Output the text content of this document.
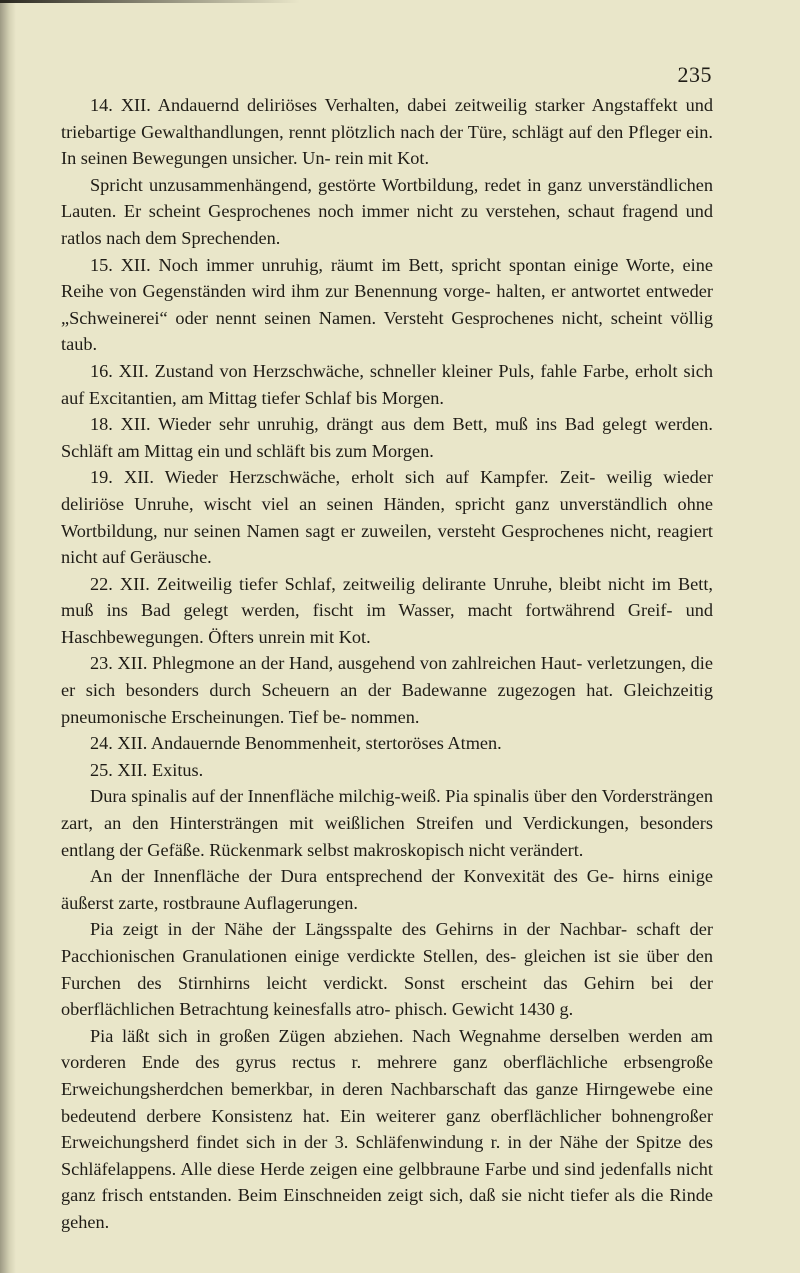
235

14. XII. Andauernd deliriöses Verhalten, dabei zeitweilig starker Angstaffekt und triebartige Gewalthandlungen, rennt plötzlich nach der Türe, schlägt auf den Pfleger ein. In seinen Bewegungen unsicher. Un- rein mit Kot.

Spricht unzusammenhängend, gestörte Wortbildung, redet in ganz unverständlichen Lauten. Er scheint Gesprochenes noch immer nicht zu verstehen, schaut fragend und ratlos nach dem Sprechenden.

15. XII. Noch immer unruhig, räumt im Bett, spricht spontan einige Worte, eine Reihe von Gegenständen wird ihm zur Benennung vorge- halten, er antwortet entweder „Schweinerei“ oder nennt seinen Namen. Versteht Gesprochenes nicht, scheint völlig taub.

16. XII. Zustand von Herzschwäche, schneller kleiner Puls, fahle Farbe, erholt sich auf Excitantien, am Mittag tiefer Schlaf bis Morgen.

18. XII. Wieder sehr unruhig, drängt aus dem Bett, muß ins Bad gelegt werden. Schläft am Mittag ein und schläft bis zum Morgen.

19. XII. Wieder Herzschwäche, erholt sich auf Kampfer. Zeit- weilig wieder deliriöse Unruhe, wischt viel an seinen Händen, spricht ganz unverständlich ohne Wortbildung, nur seinen Namen sagt er zuweilen, versteht Gesprochenes nicht, reagiert nicht auf Geräusche.

22. XII. Zeitweilig tiefer Schlaf, zeitweilig delirante Unruhe, bleibt nicht im Bett, muß ins Bad gelegt werden, fischt im Wasser, macht fortwährend Greif- und Haschbewegungen. Öfters unrein mit Kot.

23. XII. Phlegmone an der Hand, ausgehend von zahlreichen Haut- verletzungen, die er sich besonders durch Scheuern an der Badewanne zugezogen hat. Gleichzeitig pneumonische Erscheinungen. Tief be- nommen.

24. XII. Andauernde Benommenheit, stertoröses Atmen.

25. XII. Exitus.

Dura spinalis auf der Innenfläche milchig-weiß. Pia spinalis über den Vordersträngen zart, an den Hintersträngen mit weißlichen Streifen und Verdickungen, besonders entlang der Gefäße. Rückenmark selbst makroskopisch nicht verändert.

An der Innenfläche der Dura entsprechend der Konvexität des Ge- hirns einige äußerst zarte, rostbraune Auflagerungen.

Pia zeigt in der Nähe der Längsspalte des Gehirns in der Nachbar- schaft der Pacchionischen Granulationen einige verdickte Stellen, des- gleichen ist sie über den Furchen des Stirnhirns leicht verdickt. Sonst erscheint das Gehirn bei der oberflächlichen Betrachtung keinesfalls atro- phisch. Gewicht 1430 g.

Pia läßt sich in großen Zügen abziehen. Nach Wegnahme derselben werden am vorderen Ende des gyrus rectus r. mehrere ganz oberflächliche erbsengroße Erweichungsherdchen bemerkbar, in deren Nachbarschaft das ganze Hirngewebe eine bedeutend derbere Konsistenz hat. Ein weiterer ganz oberflächlicher bohnengroßer Erweichungsherd findet sich in der 3. Schläfenwindung r. in der Nähe der Spitze des Schläfelappens. Alle diese Herde zeigen eine gelbbraune Farbe und sind jedenfalls nicht ganz frisch entstanden. Beim Einschneiden zeigt sich, daß sie nicht tiefer als die Rinde gehen.
